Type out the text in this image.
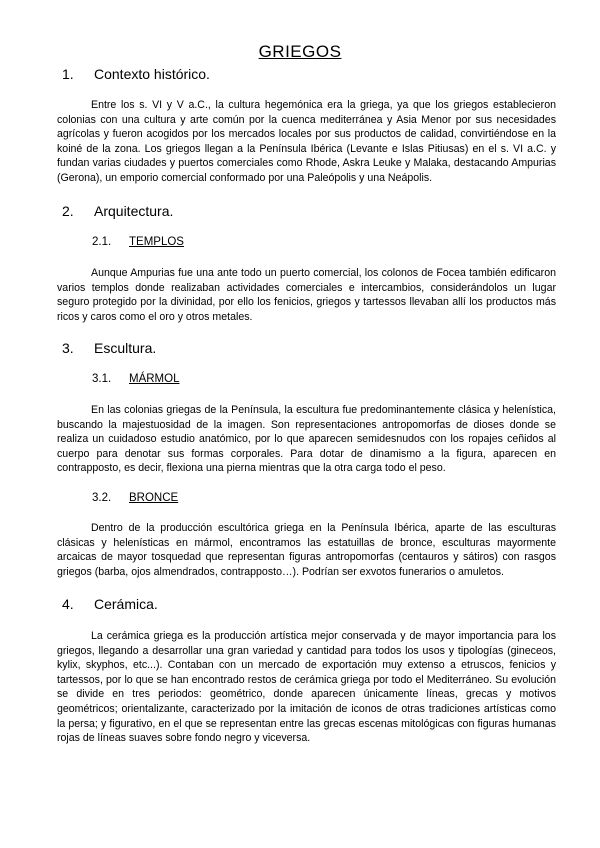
GRIEGOS
1. Contexto histórico.

Entre los s. VI y V a.C., la cultura hegemónica era la griega, ya que los griegos establecieron colonias con una cultura y arte común por la cuenca mediterránea y Asia Menor por sus necesidades agrícolas y fueron acogidos por los mercados locales por sus productos de calidad, convirtiéndose en la koiné de la zona. Los griegos llegan a la Península Ibérica (Levante e Islas Pitiusas) en el s. VI a.C. y fundan varias ciudades y puertos comerciales como Rhode, Askra Leuke y Malaka, destacando Ampurias (Gerona), un emporio comercial conformado por una Paleópolis y una Neápolis.

2. Arquitectura.
2.1. TEMPLOS

Aunque Ampurias fue una ante todo un puerto comercial, los colonos de Focea también edificaron varios templos donde realizaban actividades comerciales e intercambios, considerándolos un lugar seguro protegido por la divinidad, por ello los fenicios, griegos y tartessos llevaban allí los productos más ricos y caros como el oro y otros metales.

3. Escultura.
3.1. MÁRMOL

En las colonias griegas de la Península, la escultura fue predominantemente clásica y helenística, buscando la majestuosidad de la imagen. Son representaciones antropomorfas de dioses donde se realiza un cuidadoso estudio anatómico, por lo que aparecen semidesnudos con los ropajes ceñidos al cuerpo para denotar sus formas corporales. Para dotar de dinamismo a la figura, aparecen en contrapposto, es decir, flexiona una pierna mientras que la otra carga todo el peso.

3.2. BRONCE

Dentro de la producción escultórica griega en la Península Ibérica, aparte de las esculturas clásicas y helenísticas en mármol, encontramos las estatuillas de bronce, esculturas mayormente arcaicas de mayor tosquedad que representan figuras antropomorfas (centauros y sátiros) con rasgos griegos (barba, ojos almendrados, contrapposto…). Podrían ser exvotos funerarios o amuletos.

4. Cerámica.

La cerámica griega es la producción artística mejor conservada y de mayor importancia para los griegos, llegando a desarrollar una gran variedad y cantidad para todos los usos y tipologías (gineceos, kylix, skyphos, etc...). Contaban con un mercado de exportación muy extenso a etruscos, fenicios y tartessos, por lo que se han encontrado restos de cerámica griega por todo el Mediterráneo. Su evolución se divide en tres periodos: geométrico, donde aparecen únicamente líneas, grecas y motivos geométricos; orientalizante, caracterizado por la imitación de iconos de otras tradiciones artísticas como la persa; y figurativo, en el que se representan entre las grecas escenas mitológicas con figuras humanas rojas de líneas suaves sobre fondo negro y viceversa.
